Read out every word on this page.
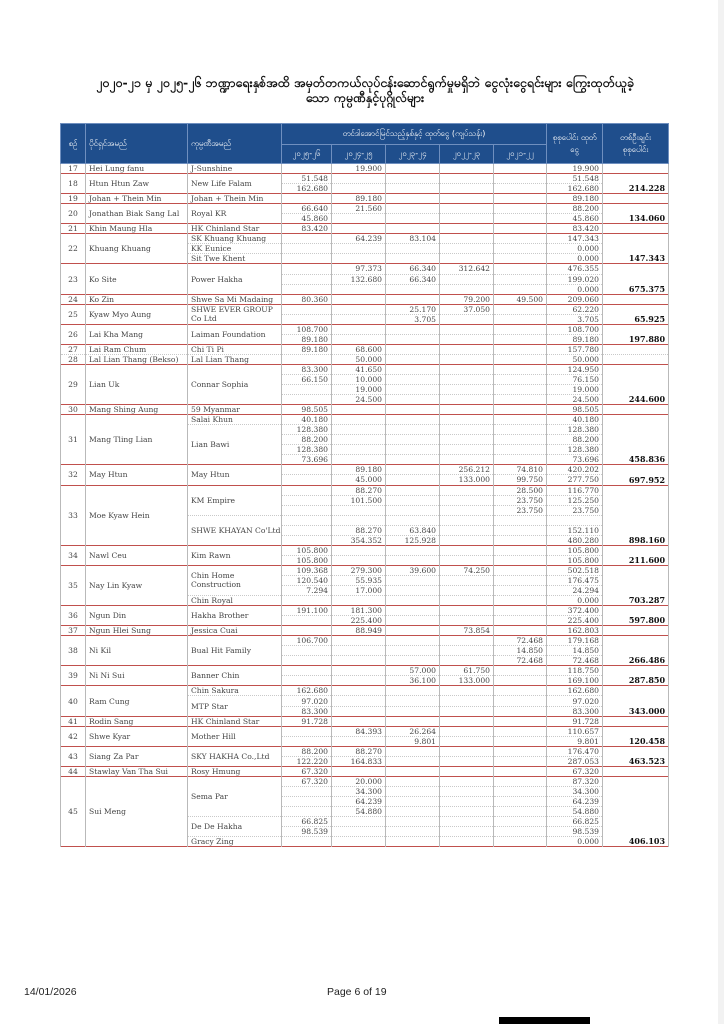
၂၀၂၀-၂၁ မှ ၂၀၂၅-၂၆ ဘဏ္ဍာရေးနှစ်အထိ အမှတ်တကယ်လုပ်ငန်းဆောင်ရွက်မှုမရှိဘဲ ငွေလုံးငွေရင်းများ ကြွေးထုတ်ယူခဲ့သော ကုမ္ပဏီနှင့်ပုဂ္ဂိုလ်များ
စဉ်	ပိုင်ရှင်အမည်	ကုမ္ပဏီအမည်	တင်ဒါအောင်မြင်သည့်နှစ်နှင့် ထုတ်ငွေ (ကျပ်သန်း)					စုစုပေါင်း ထုတ်ငွေ	တစ်ဦးချင်း စုစုပေါင်း
			၂၀၂၅-၂၆	၂၀၂၄-၂၅	၂၀၂၃-၂၄	၂၀၂၂-၂၃	၂၀၂၁-၂၂		
17	Hei Lung fanu	J-Sunshine		19.900				19.900	
18	Htun Htun Zaw	New Life Falam	51.548					51.548	214.228
			162.680					162.680	
19	Johan + Thein Min	Johan + Thein Min		89.180				89.180	
20	Jonathan Biak Sang Lal	Royal KR	66.640	21.560				88.200	134.060
			45.860					45.860	
21	Khin Maung Hla	HK Chinland Star	83.420					83.420	
22	Khuang Khuang	SK Khuang Khuang		64.239	83.104			147.343	147.343
		KK Eunice						0.000	
		Sit Twe Khent						0.000	
23	Ko Site	Power Hakha		97.373	66.340	312.642		476.355	675.375
				132.680	66.340			199.020	
								0.000	
24	Ko Zin	Shwe Sa Mi Madaing	80.360			79.200	49.500	209.060	
25	Kyaw Myo Aung	SHWE EVER GROUP Co Ltd			25.170	37.050		62.220	65.925
					3.705			3.705	
26	Lai Kha Mang	Laiman Foundation	108.700					108.700	197.880
			89.180					89.180	
27	Lai Ram Chum	Chi Ti Pi	89.180	68.600				157.780	
28	Lal Lian Thang (Bekso)	Lal Lian Thang		50.000				50.000	
29	Lian Uk	Connar Sophia	83.300	41.650				124.950	244.600
			66.150	10.000				76.150	
				19.000				19.000	
				24.500				24.500	
30	Mang Shing Aung	59 Myanmar	98.505					98.505	
31	Mang Tling Lian	Salai Khun	40.180					40.180	458.836
		Lian Bawi	128.380					128.380	
			88.200					88.200	
			128.380					128.380	
			73.696					73.696	
32	May Htun	May Htun		89.180		256.212	74.810	420.202	697.952
				45.000		133.000	99.750	277.750	
33	Moe Kyaw Hein	KM Empire		88.270			28.500	116.770	898.160
				101.500			23.750	125.250	
							23.750	23.750	
		SHWE KHAYAN Co'Ltd							
				88.270	63.840			152.110	
				354.352	125.928			480.280	
34	Nawl Ceu	Kim Rawn	105.800					105.800	211.600
			105.800					105.800	
35	Nay Lin Kyaw	Chin Home Construction	109.368	279.300	39.600	74.250		502.518	703.287
			120.540	55.935				176.475	
			7.294	17.000				24.294	
		Chin Royal						0.000	
36	Ngun Din	Hakha Brother	191.100	181.300				372.400	597.800
				225.400				225.400	
37	Ngun Hlei Sung	Jessica Cuai		88.949		73.854		162.803	
38	Ni Kil	Bual Hit Family	106.700				72.468	179.168	266.486
							14.850	14.850	
							72.468	72.468	
39	Ni Ni Sui	Banner Chin			57.000	61.750		118.750	287.850
					36.100	133.000		169.100	
40	Ram Cung	Chin Sakura	162.680					162.680	343.000
		MTP Star	97.020					97.020	
			83.300					83.300	
41	Rodin Sang	HK Chinland Star	91.728					91.728	
42	Shwe Kyar	Mother Hill		84.393	26.264			110.657	120.458
					9.801			9.801	
43	Siang Za Par	SKY HAKHA Co.,Ltd	88.200	88.270				176.470	463.523
			122.220	164.833				287.053	
44	Stawlay Van Tha Sui	Rosy Hmung	67.320					67.320	
45	Sui Meng	Sema Par	67.320	20.000				87.320	406.103
				34.300				34.300	
				64.239				64.239	
				54.880				54.880	
		De De Hakha	66.825					66.825	
			98.539					98.539	
		Gracy Zing						0.000	
14/01/2026	Page 6 of 19
